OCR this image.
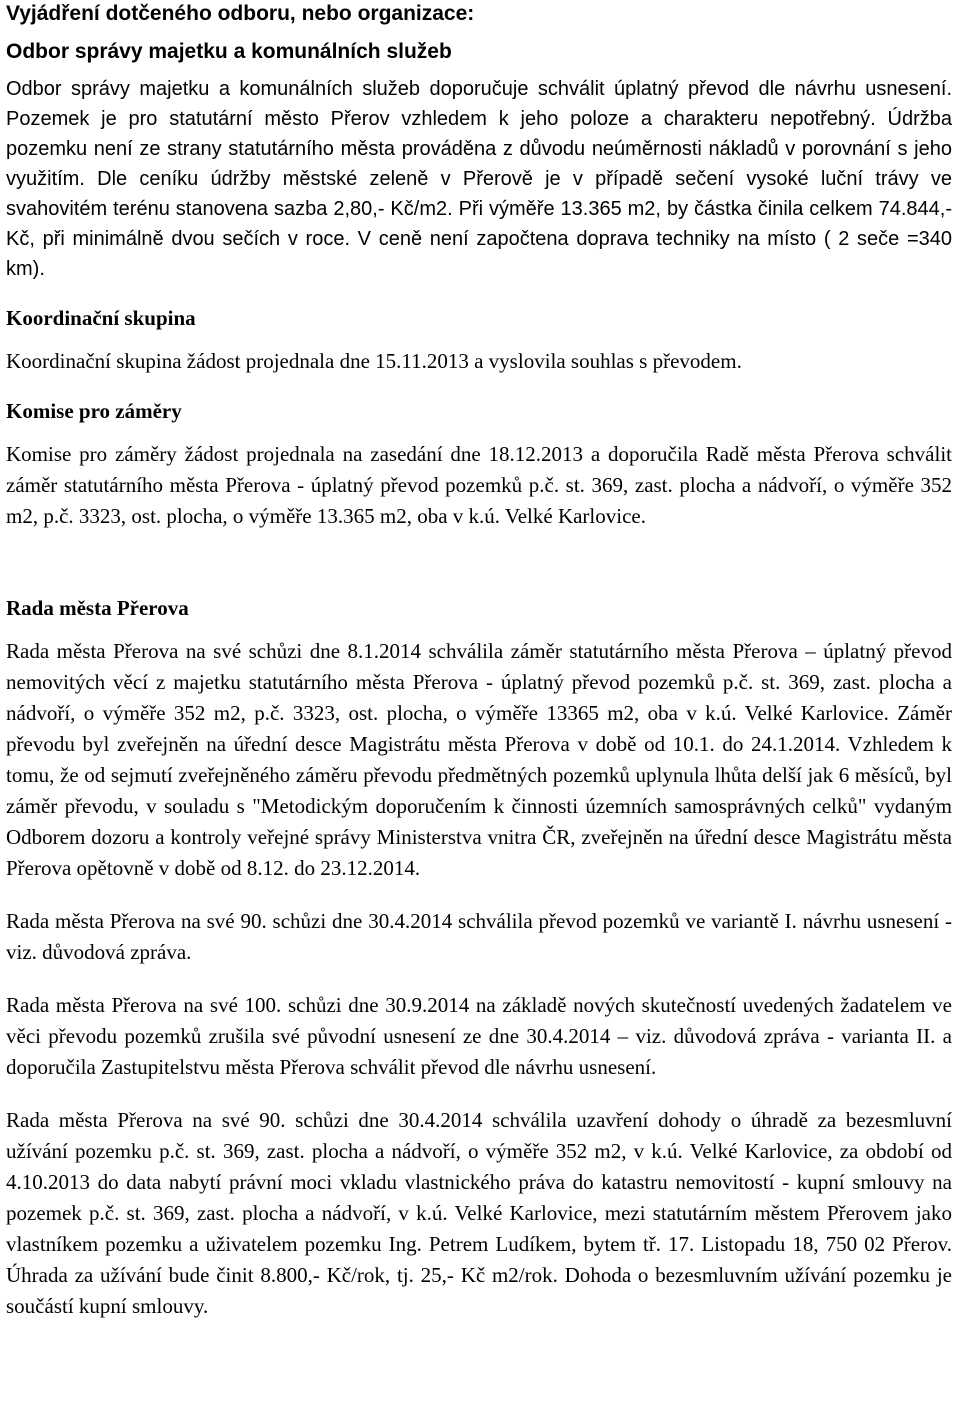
Vyjádření dotčeného odboru, nebo organizace:
Odbor správy majetku a komunálních služeb

Odbor správy majetku a komunálních služeb doporučuje schválit úplatný převod dle návrhu usnesení. Pozemek je pro statutární město Přerov vzhledem k jeho poloze a charakteru nepotřebný. Údržba pozemku není ze strany statutárního města prováděna z důvodu neúměrnosti nákladů v porovnání s jeho využitím. Dle ceníku údržby městské zeleně v Přerově je v případě sečení vysoké luční trávy ve svahovitém terénu stanovena sazba 2,80,- Kč/m2. Při výměře 13.365 m2, by částka činila celkem 74.844,- Kč, při minimálně dvou sečích v roce. V ceně není započtena doprava techniky na místo ( 2 seče =340 km).

Koordinační skupina

Koordinační skupina žádost projednala dne 15.11.2013 a vyslovila souhlas s převodem.

Komise pro záměry

Komise pro záměry žádost projednala na zasedání dne 18.12.2013 a doporučila Radě města Přerova schválit záměr statutárního města Přerova - úplatný převod pozemků p.č. st. 369, zast. plocha a nádvoří, o výměře 352 m2, p.č. 3323, ost. plocha, o výměře 13.365 m2, oba v k.ú. Velké Karlovice.

Rada města Přerova

Rada města Přerova na své schůzi dne 8.1.2014 schválila záměr statutárního města Přerova – úplatný převod nemovitých věcí z majetku statutárního města Přerova - úplatný převod pozemků p.č. st. 369, zast. plocha a nádvoří, o výměře 352 m2, p.č. 3323, ost. plocha, o výměře 13365 m2, oba v k.ú. Velké Karlovice. Záměr převodu byl zveřejněn na úřední desce Magistrátu města Přerova v době od 10.1. do 24.1.2014. Vzhledem k tomu, že od sejmutí zveřejněného záměru převodu předmětných pozemků uplynula lhůta delší jak 6 měsíců, byl záměr převodu, v souladu s "Metodickým doporučením k činnosti územních samosprávných celků" vydaným Odborem dozoru a kontroly veřejné správy Ministerstva vnitra ČR, zveřejněn na úřední desce Magistrátu města Přerova opětovně v době od 8.12. do 23.12.2014.

Rada města Přerova na své 90. schůzi dne 30.4.2014 schválila převod pozemků ve variantě I. návrhu usnesení - viz. důvodová zpráva.

Rada města Přerova na své 100. schůzi dne 30.9.2014 na základě nových skutečností uvedených žadatelem ve věci převodu pozemků zrušila své původní usnesení ze dne 30.4.2014 – viz. důvodová zpráva - varianta II. a doporučila Zastupitelstvu města Přerova schválit převod dle návrhu usnesení.

Rada města Přerova na své 90. schůzi dne 30.4.2014 schválila uzavření dohody o úhradě za bezesmluvní užívání pozemku p.č. st. 369, zast. plocha a nádvoří, o výměře 352 m2, v k.ú. Velké Karlovice, za období od 4.10.2013 do data nabytí právní moci vkladu vlastnického práva do katastru nemovitostí - kupní smlouvy na pozemek p.č. st. 369, zast. plocha a nádvoří, v k.ú. Velké Karlovice, mezi statutárním městem Přerovem jako vlastníkem pozemku a uživatelem pozemku Ing. Petrem Ludíkem, bytem tř. 17. Listopadu 18, 750 02 Přerov. Úhrada za užívání bude činit 8.800,- Kč/rok, tj. 25,- Kč m2/rok. Dohoda o bezesmluvním užívání pozemku je součástí kupní smlouvy.
